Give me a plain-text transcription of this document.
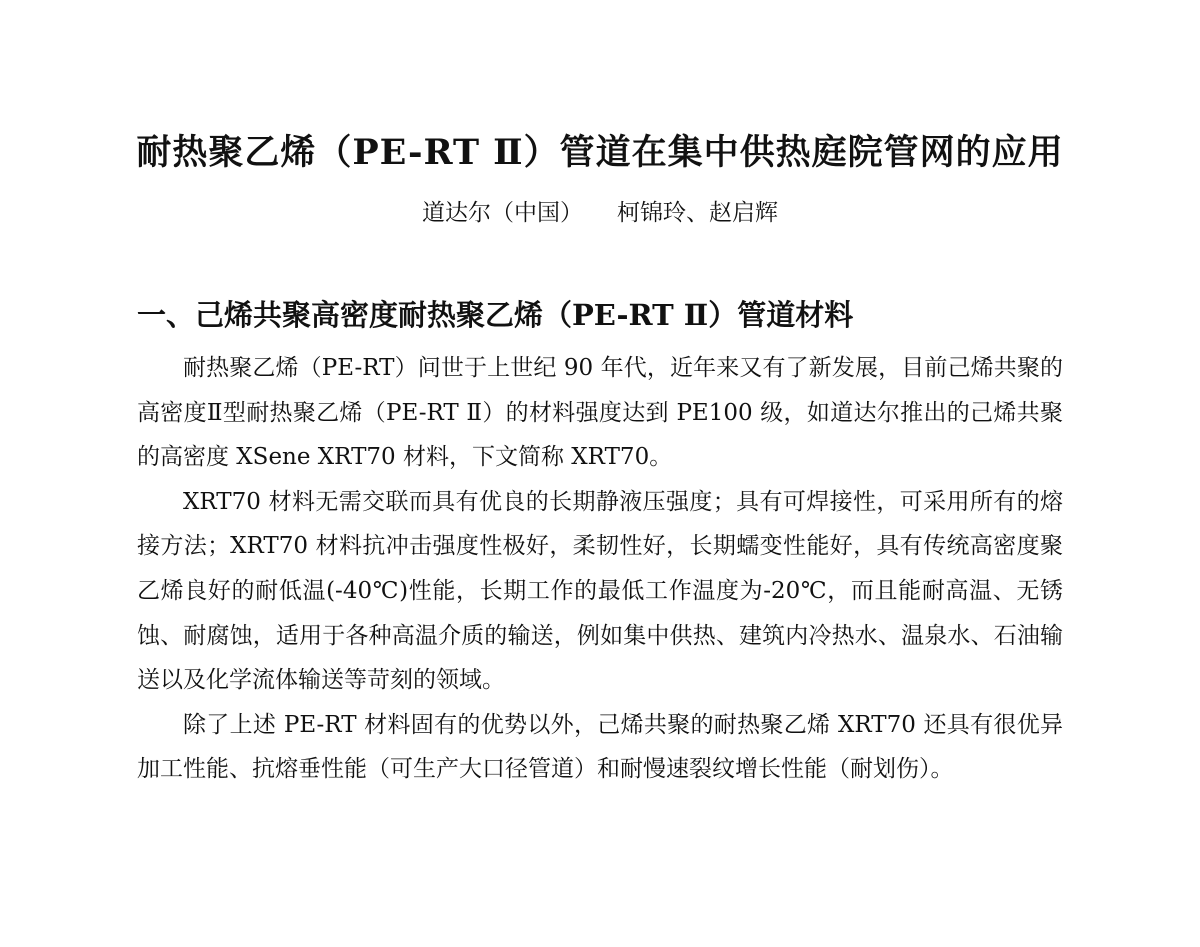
耐热聚乙烯（PE-RT Ⅱ）管道在集中供热庭院管网的应用
道达尔（中国） 柯锦玲、赵启辉
一、己烯共聚高密度耐热聚乙烯（PE-RT Ⅱ）管道材料

耐热聚乙烯（PE-RT）问世于上世纪 90 年代，近年来又有了新发展，目前己烯共聚的高密度Ⅱ型耐热聚乙烯（PE-RT Ⅱ）的材料强度达到 PE100 级，如道达尔推出的己烯共聚的高密度 XSene XRT70 材料，下文简称 XRT70。

XRT70 材料无需交联而具有优良的长期静液压强度；具有可焊接性，可采用所有的熔接方法；XRT70 材料抗冲击强度性极好，柔韧性好，长期蠕变性能好，具有传统高密度聚乙烯良好的耐低温(-40℃)性能，长期工作的最低工作温度为-20℃，而且能耐高温、无锈蚀、耐腐蚀，适用于各种高温介质的输送，例如集中供热、建筑内冷热水、温泉水、石油输送以及化学流体输送等苛刻的领域。

除了上述 PE-RT 材料固有的优势以外，己烯共聚的耐热聚乙烯 XRT70 还具有很优异加工性能、抗熔垂性能（可生产大口径管道）和耐慢速裂纹增长性能（耐划伤）。
